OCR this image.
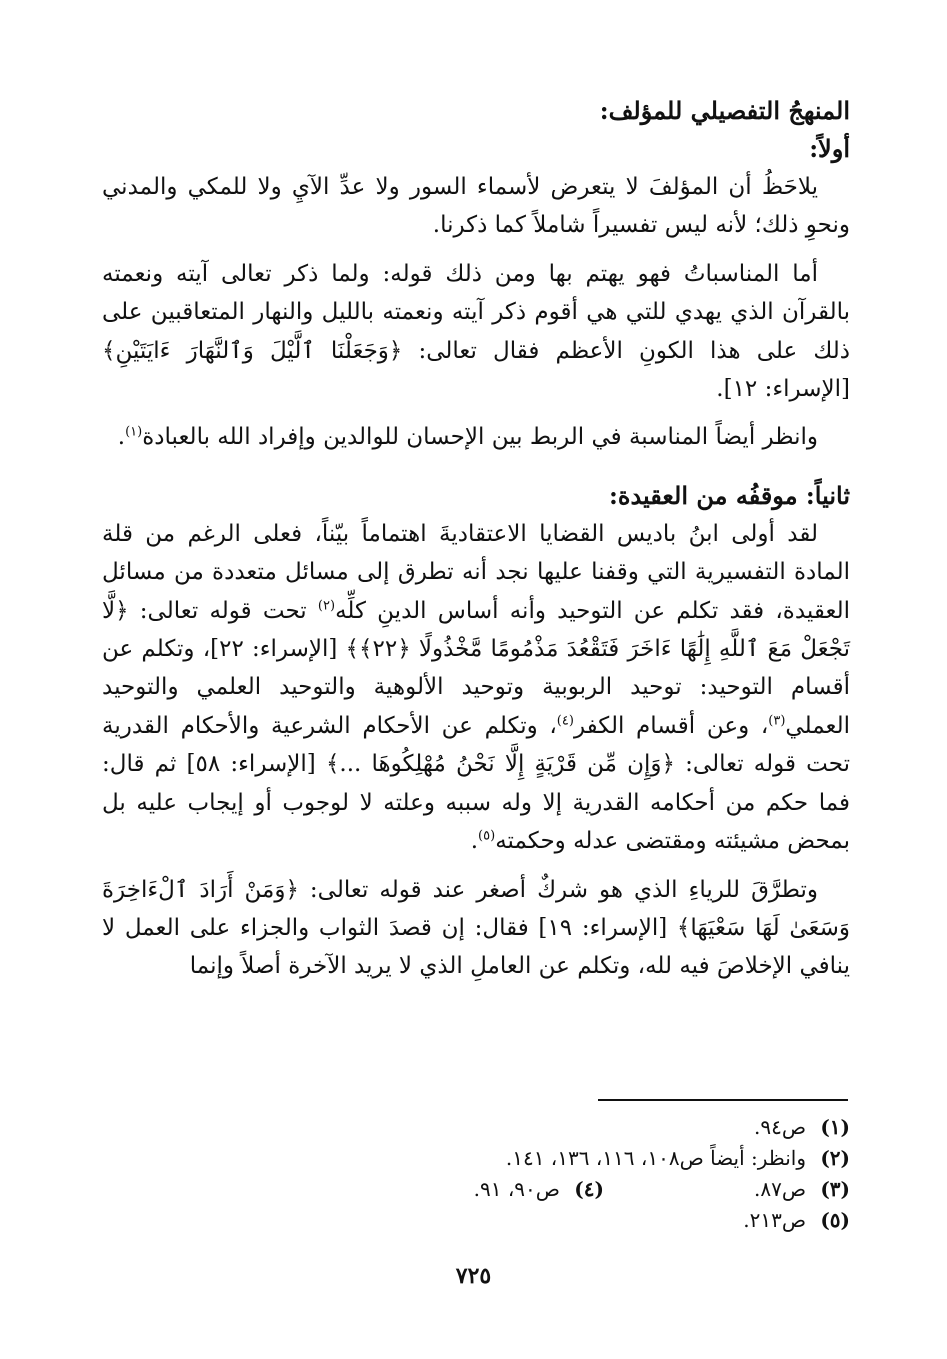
المنهجُ التفصيلي للمؤلف:
أولاً:

يلاحَظُ أن المؤلفَ لا يتعرض لأسماء السور ولا عدِّ الآيِ ولا للمكي والمدني ونحوِ ذلك؛ لأنه ليس تفسيراً شاملاً كما ذكرنا.

أما المناسباتُ فهو يهتم بها ومن ذلك قوله: ولما ذكر تعالى آيته ونعمته بالقرآن الذي يهدي للتي هي أقوم ذكر آيته ونعمته بالليل والنهار المتعاقبين على ذلك على هذا الكونِ الأعظم فقال تعالى: ﴿وَجَعَلْنَا ٱلَّيْلَ وَٱلنَّهَارَ ءَايَتَيْنِ﴾ [الإسراء: ١٢].

وانظر أيضاً المناسبة في الربط بين الإحسان للوالدين وإفراد الله بالعبادة$^{(١)}$.

ثانياً: موقفُه من العقيدة:

لقد أولى ابنُ باديس القضايا الاعتقاديةَ اهتماماً بيّناً، فعلى الرغم من قلة المادة التفسيرية التي وقفنا عليها نجد أنه تطرق إلى مسائل متعددة من مسائل العقيدة، فقد تكلم عن التوحيد وأنه أساس الدينِ كلِّه$^{(٢)}$ تحت قوله تعالى: ﴿لَّا تَجْعَلْ مَعَ ٱللَّهِ إِلَٰهًا ءَاخَرَ فَتَقْعُدَ مَذْمُومًا مَّخْذُولًا ﴿٢٢﴾﴾ [الإسراء: ٢٢]، وتكلم عن أقسام التوحيد: توحيد الربوبية وتوحيد الألوهية والتوحيد العلمي والتوحيد العملي$^{(٣)}$، وعن أقسام الكفر$^{(٤)}$، وتكلم عن الأحكام الشرعية والأحكام القدرية تحت قوله تعالى: ﴿وَإِن مِّن قَرْيَةٍ إِلَّا نَحْنُ مُهْلِكُوهَا ...﴾ [الإسراء: ٥٨] ثم قال: فما حكم من أحكامه القدرية إلا وله سببه وعلته لا لوجوب أو إيجاب عليه بل بمحض مشيئته ومقتضى عدله وحكمته$^{(٥)}$.

وتطرَّقَ للرياءِ الذي هو شركٌ أصغر عند قوله تعالى: ﴿وَمَنْ أَرَادَ ٱلْءَاخِرَةَ وَسَعَىٰ لَهَا سَعْيَهَا﴾ [الإسراء: ١٩] فقال: إن قصدَ الثواب والجزاء على العمل لا ينافي الإخلاصَ فيه لله، وتكلم عن العاملِ الذي لا يريد الآخرة أصلاً وإنما

(١)
ص٩٤.
(٢)
وانظر: أيضاً ص١٠٨، ١١٦، ١٣٦، ١٤١.
(٣)
ص٨٧.
(٤)
ص٩٠، ٩١.
(٥)
ص٢١٣.
٧٢٥
